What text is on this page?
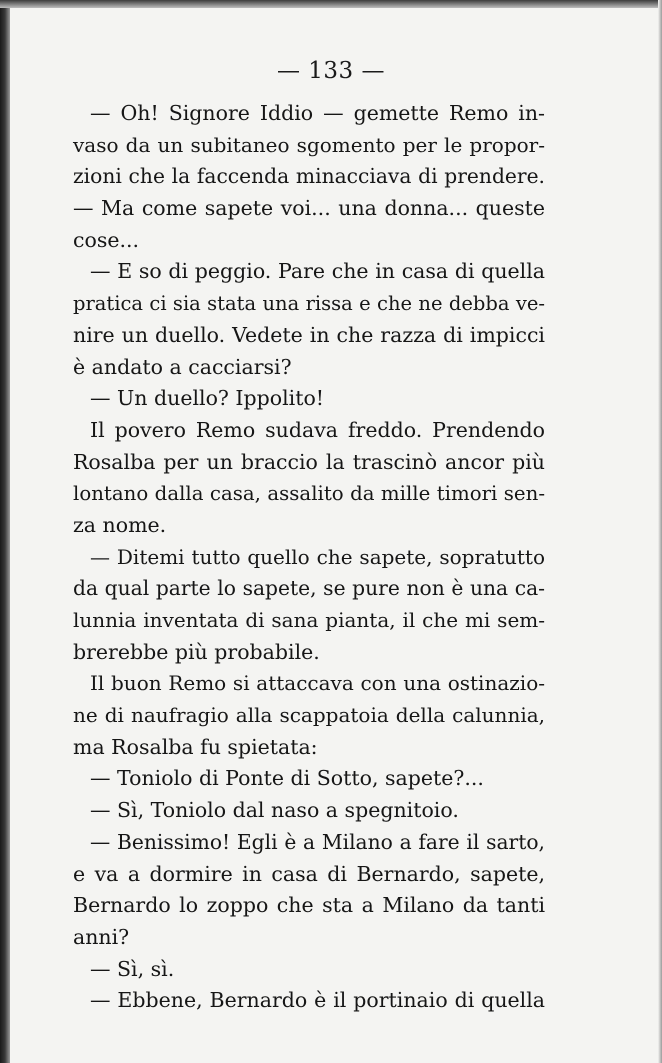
— 133 —
— Oh! Signore Iddio — gemette Remo in-
vaso da un subitaneo sgomento per le propor-
zioni che la faccenda minacciava di prendere.
— Ma come sapete voi... una donna... queste
cose...
— E so di peggio. Pare che in casa di quella
pratica ci sia stata una rissa e che ne debba ve-
nire un duello. Vedete in che razza di impicci
è andato a cacciarsi?
— Un duello? Ippolito!
Il povero Remo sudava freddo. Prendendo
Rosalba per un braccio la trascinò ancor più
lontano dalla casa, assalito da mille timori sen-
za nome.
— Ditemi tutto quello che sapete, sopratutto
da qual parte lo sapete, se pure non è una ca-
lunnia inventata di sana pianta, il che mi sem-
brerebbe più probabile.
Il buon Remo si attaccava con una ostinazio-
ne di naufragio alla scappatoia della calunnia,
ma Rosalba fu spietata:
— Toniolo di Ponte di Sotto, sapete?...
— Sì, Toniolo dal naso a spegnitoio.
— Benissimo! Egli è a Milano a fare il sarto,
e va a dormire in casa di Bernardo, sapete,
Bernardo lo zoppo che sta a Milano da tanti
anni?
— Sì, sì.
— Ebbene, Bernardo è il portinaio di quella
